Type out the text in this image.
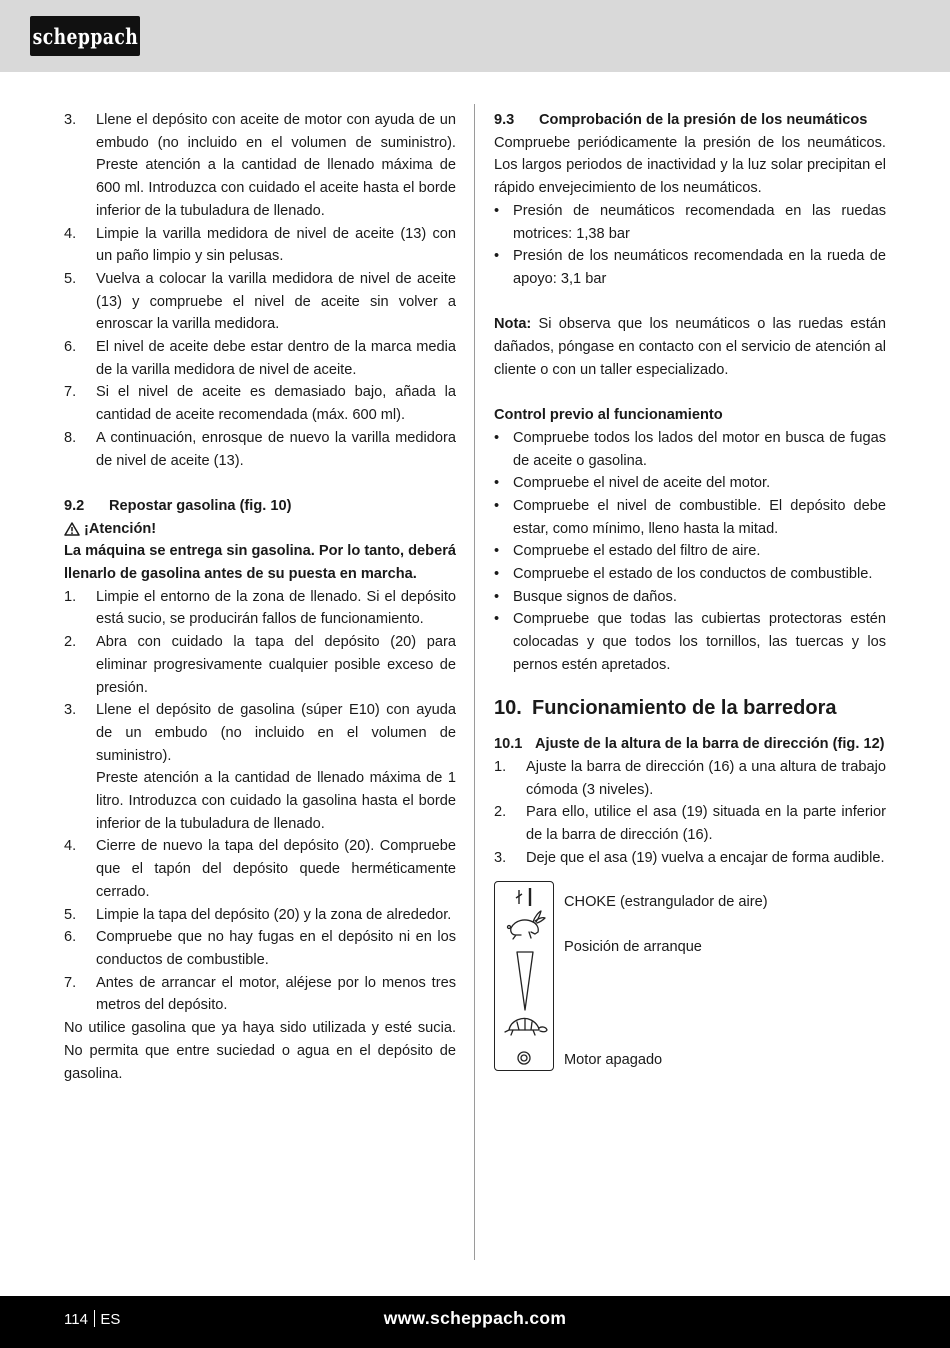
scheppach
3.	Llene el depósito con aceite de motor con ayuda de un embudo (no incluido en el volumen de suministro). Preste atención a la cantidad de llenado máxima de 600 ml. Introduzca con cuidado el aceite hasta el borde inferior de la tubuladura de llenado.
4.	Limpie la varilla medidora de nivel de aceite (13) con un paño limpio y sin pelusas.
5.	Vuelva a colocar la varilla medidora de nivel de aceite (13) y compruebe el nivel de aceite sin volver a enroscar la varilla medidora.
6.	El nivel de aceite debe estar dentro de la marca media de la varilla medidora de nivel de aceite.
7.	Si el nivel de aceite es demasiado bajo, añada la cantidad de aceite recomendada (máx. 600 ml).
8.	A continuación, enrosque de nuevo la varilla medidora de nivel de aceite (13).
9.2	Repostar gasolina (fig. 10)
¡Atención!
La máquina se entrega sin gasolina. Por lo tanto, deberá llenarlo de gasolina antes de su puesta en marcha.
1.	Limpie el entorno de la zona de llenado. Si el depósito está sucio, se producirán fallos de funcionamiento.
2.	Abra con cuidado la tapa del depósito (20) para eliminar progresivamente cualquier posible exceso de presión.
3.	Llene el depósito de gasolina (súper E10) con ayuda de un embudo (no incluido en el volumen de suministro).
Preste atención a la cantidad de llenado máxima de 1 litro. Introduzca con cuidado la gasolina hasta el borde inferior de la tubuladura de llenado.
4.	Cierre de nuevo la tapa del depósito (20). Compruebe que el tapón del depósito quede herméticamente cerrado.
5.	Limpie la tapa del depósito (20) y la zona de alrededor.
6.	Compruebe que no hay fugas en el depósito ni en los conductos de combustible.
7.	Antes de arrancar el motor, aléjese por lo menos tres metros del depósito.
No utilice gasolina que ya haya sido utilizada y esté sucia. No permita que entre suciedad o agua en el depósito de gasolina.
9.3	Comprobación de la presión de los neumáticos
Compruebe periódicamente la presión de los neumáticos. Los largos periodos de inactividad y la luz solar precipitan el rápido envejecimiento de los neumáticos.
• Presión de neumáticos recomendada en las ruedas motrices: 1,38 bar
• Presión de los neumáticos recomendada en la rueda de apoyo: 3,1 bar
Nota: Si observa que los neumáticos o las ruedas están dañados, póngase en contacto con el servicio de atención al cliente o con un taller especializado.
Control previo al funcionamiento
• Compruebe todos los lados del motor en busca de fugas de aceite o gasolina.
• Compruebe el nivel de aceite del motor.
• Compruebe el nivel de combustible. El depósito debe estar, como mínimo, lleno hasta la mitad.
• Compruebe el estado del filtro de aire.
• Compruebe el estado de los conductos de combustible.
• Busque signos de daños.
• Compruebe que todas las cubiertas protectoras estén colocadas y que todos los tornillos, las tuercas y los pernos estén apretados.
10. Funcionamiento de la barredora
10.1 Ajuste de la altura de la barra de dirección (fig. 12)
1.	Ajuste la barra de dirección (16) a una altura de trabajo cómoda (3 niveles).
2.	Para ello, utilice el asa (19) situada en la parte inferior de la barra de dirección (16).
3.	Deje que el asa (19) vuelva a encajar de forma audible.
CHOKE (estrangulador de aire)
Posición de arranque
Motor apagado
114 ES	www.scheppach.com
